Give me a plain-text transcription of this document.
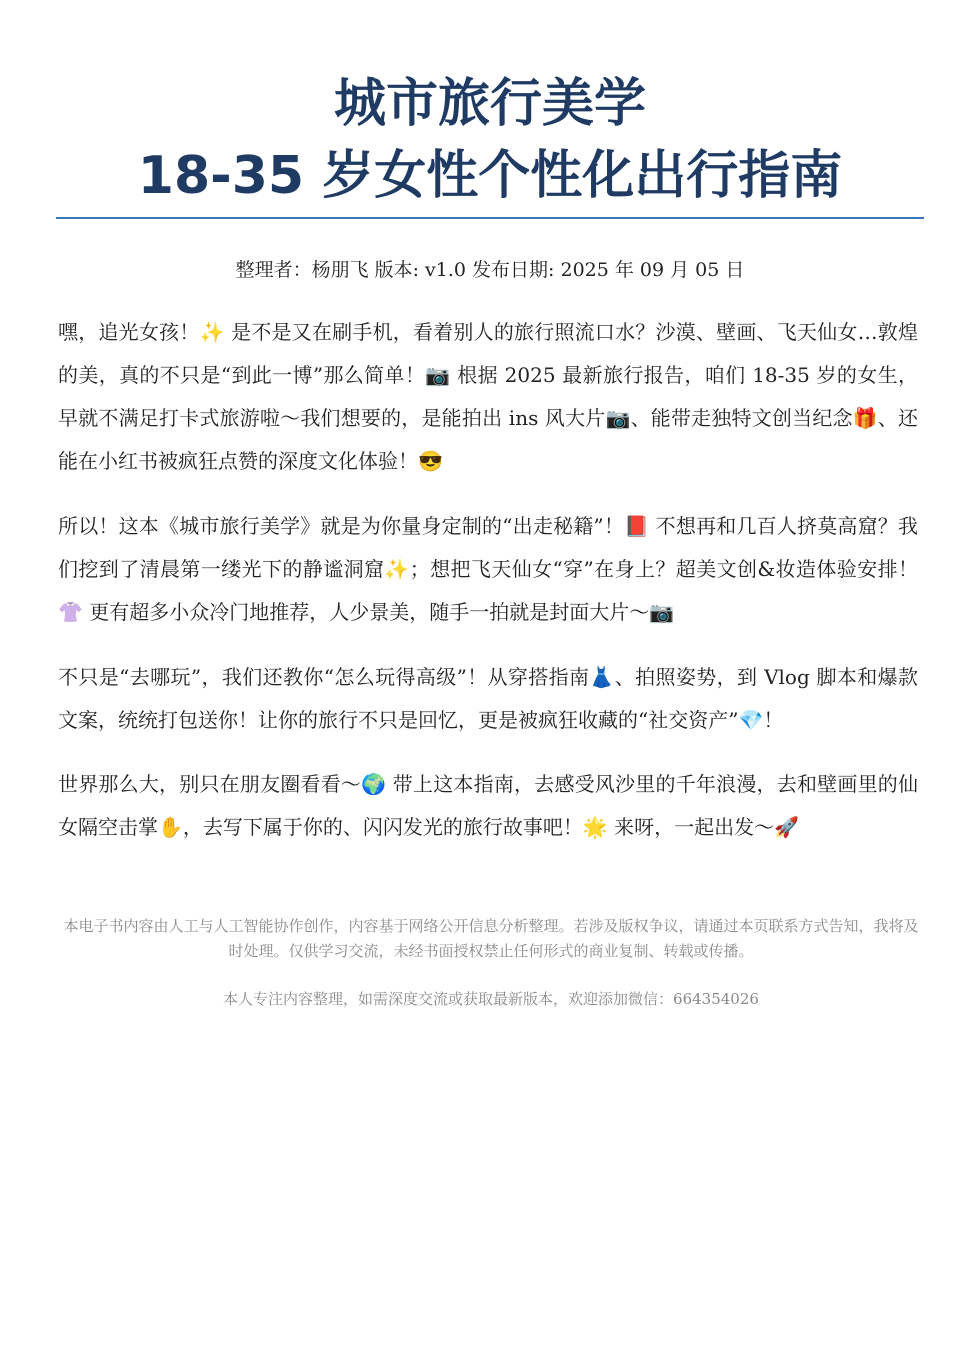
城市旅行美学
18-35 岁女性个性化出行指南
整理者：杨朋飞 版本: v1.0 发布日期: 2025 年 09 月 05 日

嘿，追光女孩！✨ 是不是又在刷手机，看着别人的旅行照流口水？沙漠、壁画、飞天仙女…敦煌的美，真的不只是“到此一博”那么简单！📷 根据 2025 最新旅行报告，咱们 18-35 岁的女生，早就不满足打卡式旅游啦～我们想要的，是能拍出 ins 风大片📷、能带走独特文创当纪念🎁、还能在小红书被疯狂点赞的深度文化体验！😎

所以！这本《城市旅行美学》就是为你量身定制的“出走秘籍”！📕 不想再和几百人挤莫高窟？我们挖到了清晨第一缕光下的静谧洞窟✨；想把飞天仙女“穿”在身上？超美文创&妆造体验安排！👚 更有超多小众冷门地推荐，人少景美，随手一拍就是封面大片～📷

不只是“去哪玩”，我们还教你“怎么玩得高级”！从穿搭指南👗、拍照姿势，到 Vlog 脚本和爆款文案，统统打包送你！让你的旅行不只是回忆，更是被疯狂收藏的“社交资产”💎！

世界那么大，别只在朋友圈看看～🌍 带上这本指南，去感受风沙里的千年浪漫，去和壁画里的仙女隔空击掌✋，去写下属于你的、闪闪发光的旅行故事吧！🌟 来呀，一起出发～🚀

本电子书内容由人工与人工智能协作创作，内容基于网络公开信息分析整理。若涉及版权争议，请通过本页联系方式告知，我将及时处理。仅供学习交流，未经书面授权禁止任何形式的商业复制、转载或传播。
本人专注内容整理，如需深度交流或获取最新版本，欢迎添加微信：664354026
